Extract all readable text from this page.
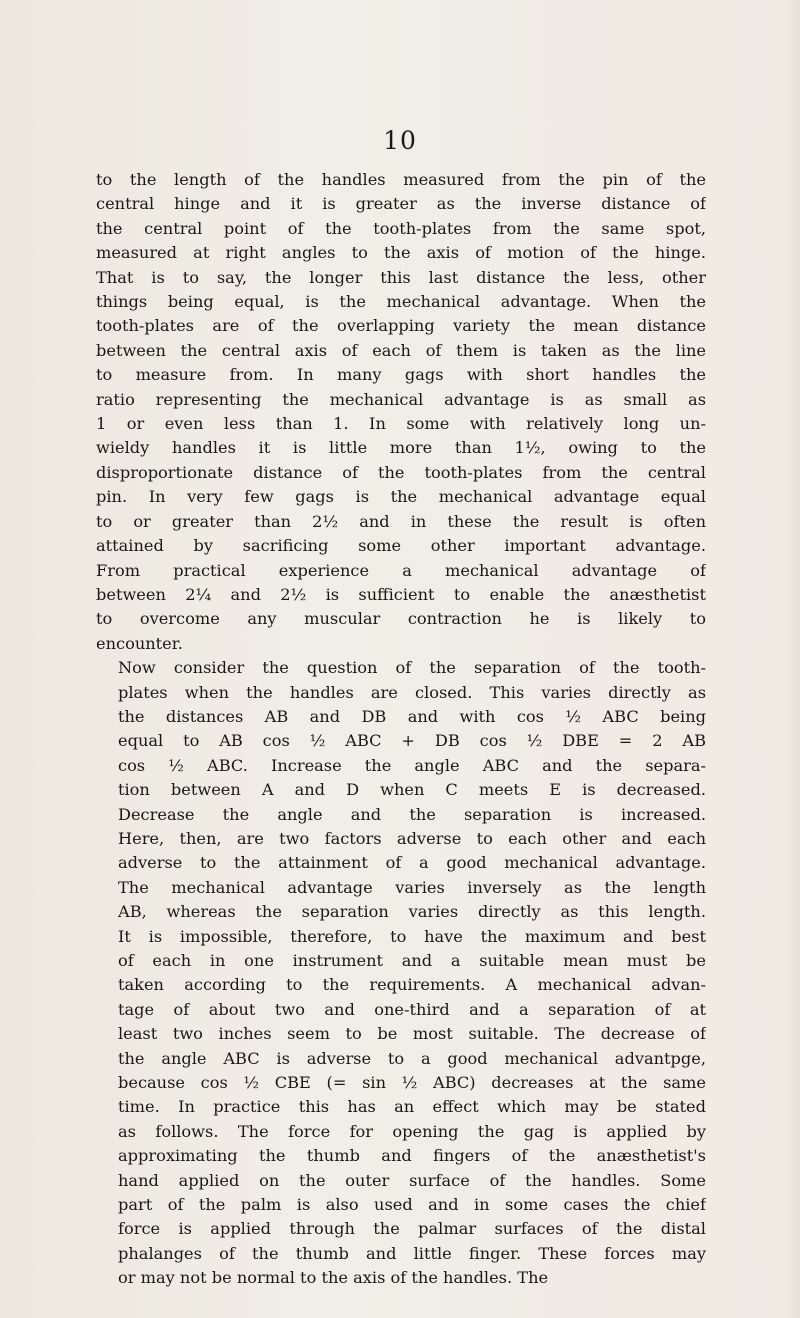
10

to the length of the handles measured from the pin of the
central hinge and it is greater as the inverse distance of
the central point of the tooth-plates from the same spot,
measured at right angles to the axis of motion of the hinge.
That is to say, the longer this last distance the less, other
things being equal, is the mechanical advantage. When the
tooth-plates are of the overlapping variety the mean distance
between the central axis of each of them is taken as the line
to measure from. In many gags with short handles the
ratio representing the mechanical advantage is as small as
1 or even less than 1. In some with relatively long un-
wieldy handles it is little more than 1½, owing to the
disproportionate distance of the tooth-plates from the central
pin. In very few gags is the mechanical advantage equal
to or greater than 2½ and in these the result is often
attained by sacrificing some other important advantage.
From practical experience a mechanical advantage of
between 2¼ and 2½ is sufficient to enable the anæsthetist
to overcome any muscular contraction he is likely to
encounter.

Now consider the question of the separation of the tooth-
plates when the handles are closed. This varies directly as
the distances AB and DB and with cos ½ ABC being
equal to AB cos ½ ABC + DB cos ½ DBE = 2 AB
cos ½ ABC. Increase the angle ABC and the separa-
tion between A and D when C meets E is decreased.
Decrease the angle and the separation is increased.
Here, then, are two factors adverse to each other and each
adverse to the attainment of a good mechanical advantage.
The mechanical advantage varies inversely as the length
AB, whereas the separation varies directly as this length.
It is impossible, therefore, to have the maximum and best
of each in one instrument and a suitable mean must be
taken according to the requirements. A mechanical advan-
tage of about two and one-third and a separation of at
least two inches seem to be most suitable. The decrease of
the angle ABC is adverse to a good mechanical advantpge,
because cos ½ CBE (= sin ½ ABC) decreases at the same
time. In practice this has an effect which may be stated
as follows. The force for opening the gag is applied by
approximating the thumb and fingers of the anæsthetist's
hand applied on the outer surface of the handles. Some
part of the palm is also used and in some cases the chief
force is applied through the palmar surfaces of the distal
phalanges of the thumb and little finger. These forces may
or may not be normal to the axis of the handles. The
